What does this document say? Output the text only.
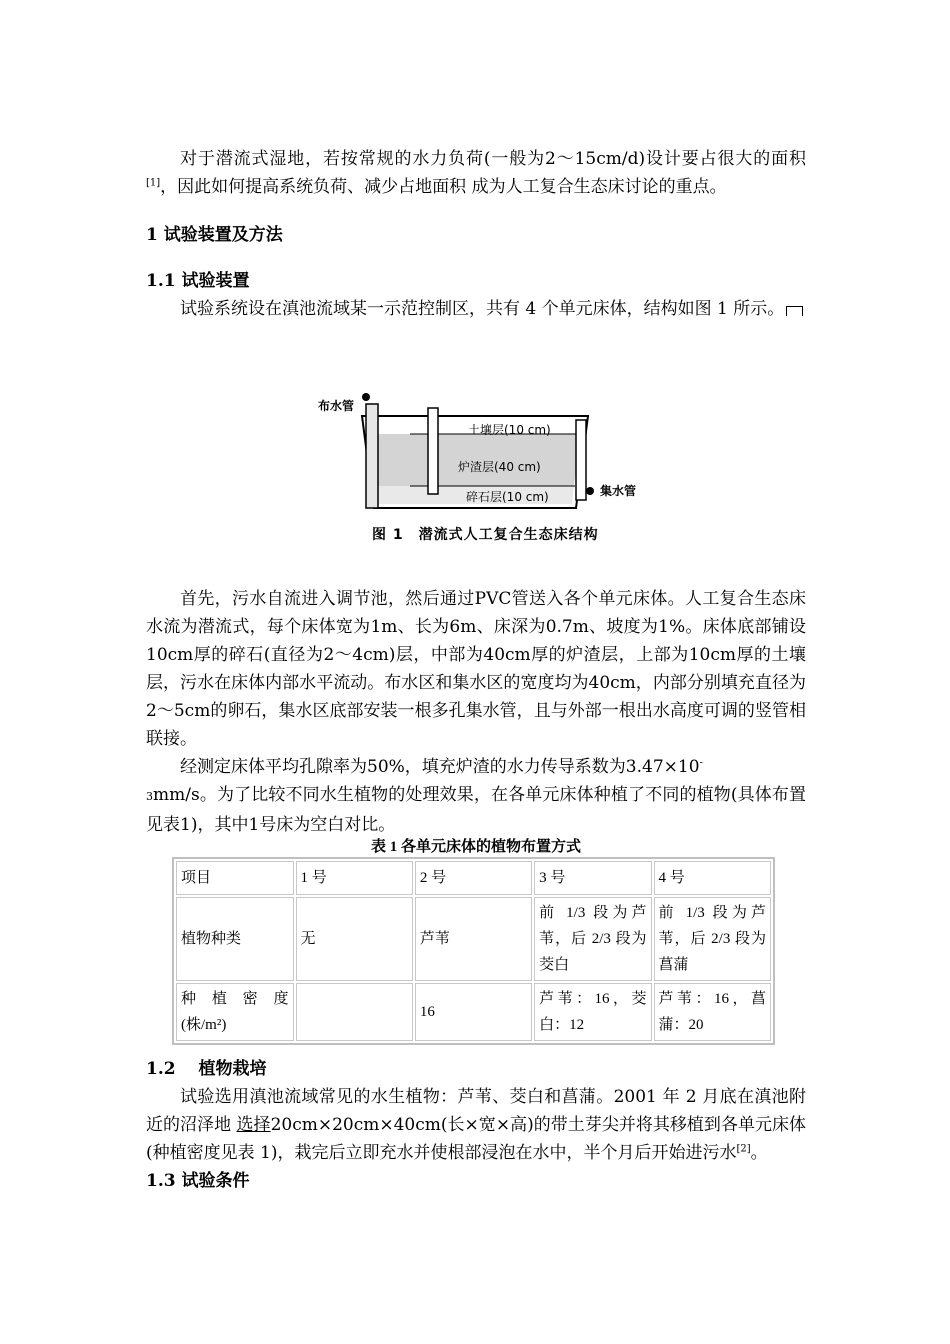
对于潜流式湿地，若按常规的水力负荷(一般为2～15cm/d)设计要占很大的面积[1]，因此如何提高系统负荷、减少占地面积 成为人工复合生态床讨论的重点。

1 试验装置及方法

1.1 试验装置

试验系统设在滇池流域某一示范控制区，共有 4 个单元床体，结构如图 1 所示。

布水管
土壤层(10 cm)
炉渣层(40 cm)
碎石层(10 cm)	集水管
图 1　潜流式人工复合生态床结构

首先，污水自流进入调节池，然后通过PVC管送入各个单元床体。人工复合生态床水流为潜流式，每个床体宽为1m、长为6m、床深为0.7m、坡度为1%。床体底部铺设10cm厚的碎石(直径为2～4cm)层，中部为40cm厚的炉渣层，上部为10cm厚的土壤层，污水在床体内部水平流动。布水区和集水区的宽度均为40cm，内部分别填充直径为2～5cm的卵石，集水区底部安装一根多孔集水管，且与外部一根出水高度可调的竖管相联接。

经测定床体平均孔隙率为50%，填充炉渣的水力传导系数为3.47×10-
3mm/s。为了比较不同水生植物的处理效果，在各单元床体种植了不同的植物(具体布置见表1)，其中1号床为空白对比。

表 1 各单元床体的植物布置方式
项目	1 号	2 号	3 号	4 号
植物种类	无	芦苇	前 1/3 段为芦苇，后 2/3 段为茭白	前 1/3 段为芦苇，后 2/3 段为菖蒲

种植密度
(株/m²)		16	芦苇：16，茭白：12	芦苇：16，菖蒲：20

1.2　 植物栽培

试验选用滇池流域常见的水生植物：芦苇、茭白和菖蒲。2001 年 2 月底在滇池附近的沼泽地 选择20cm×20cm×40cm(长×宽×高)的带土芽尖并将其移植到各单元床体(种植密度见表 1)，栽完后立即充水并使根部浸泡在水中，半个月后开始进污水[2]。

1.3 试验条件
